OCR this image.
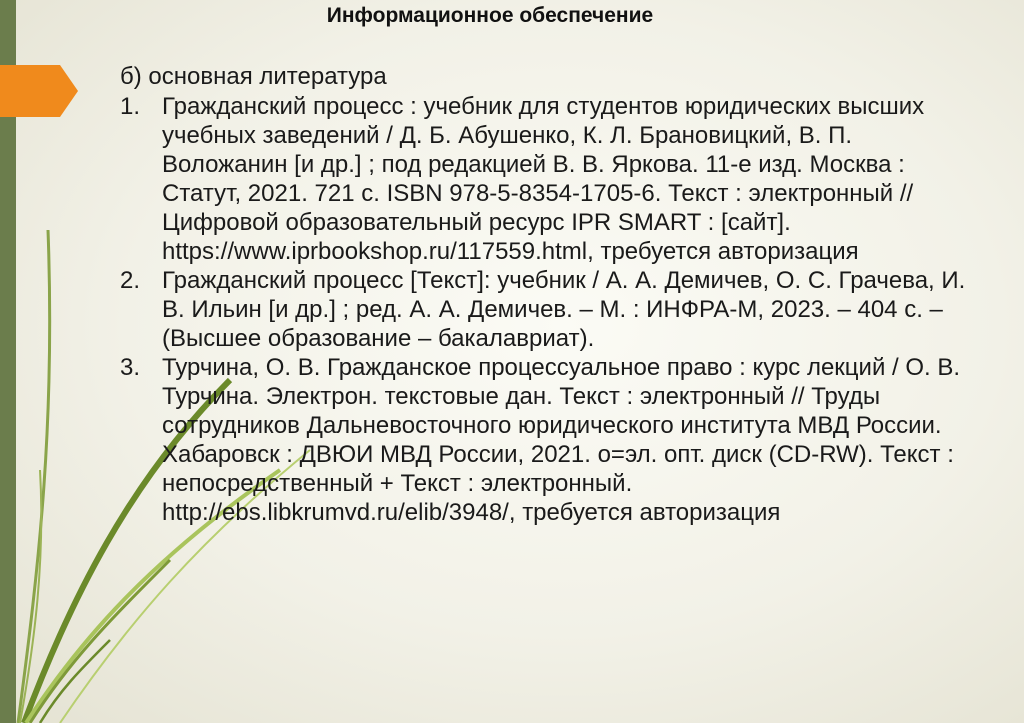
Информационное обеспечение

б) основная литература

1. Гражданский процесс : учебник для студентов юридических высших учебных заведений / Д. Б. Абушенко, К. Л. Брановицкий, В. П. Воложанин [и др.] ; под редакцией В. В. Яркова. 11-е изд. Москва : Статут, 2021. 721 с. ISBN 978-5-8354-1705-6. Текст : электронный // Цифровой образовательный ресурс IPR SMART : [сайт]. https://www.iprbookshop.ru/117559.html, требуется авторизация
2. Гражданский процесс [Текст]: учебник / А. А. Демичев, О. С. Грачева, И. В. Ильин [и др.] ; ред. А. А. Демичев. – М. : ИНФРА-М, 2023. – 404 с. – (Высшее образование – бакалавриат).
3. Турчина, О. В. Гражданское процессуальное право : курс лекций / О. В. Турчина. Электрон. текстовые дан. Текст : электронный // Труды сотрудников Дальневосточного юридического института МВД России. Хабаровск : ДВЮИ МВД России, 2021. о=эл. опт. диск (CD-RW). Текст : непосредственный + Текст : электронный. http://ebs.libkrumvd.ru/elib/3948/, требуется авторизация
